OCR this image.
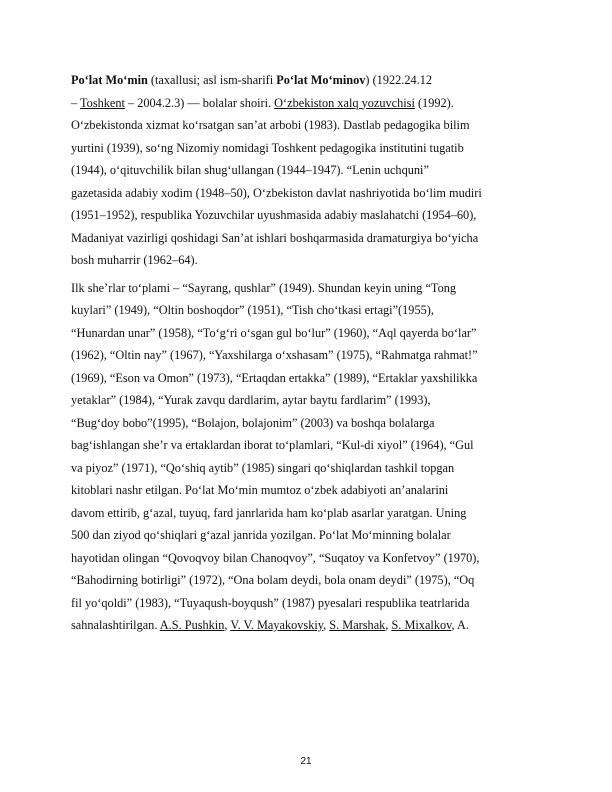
Poʻlat Moʻmin (taxallusi; asl ism-sharifi Poʻlat Moʻminov) (1922.24.12
– Toshkent – 2004.2.3) — bolalar shoiri. Oʻzbekiston xalq yozuvchisi (1992).
Oʻzbekistonda xizmat koʻrsatgan sanʼat arbobi (1983). Dastlab pedagogika bilim
yurtini (1939), soʻng Nizomiy nomidagi Toshkent pedagogika institutini tugatib
(1944), oʻqituvchilik bilan shugʻullangan (1944–1947). “Lenin uchquni”
gazetasida adabiy xodim (1948–50), Oʻzbekiston davlat nashriyotida boʻlim mudiri
(1951–1952), respublika Yozuvchilar uyushmasida adabiy maslahatchi (1954–60),
Madaniyat vazirligi qoshidagi Sanʼat ishlari boshqarmasida dramaturgiya boʻyicha
bosh muharrir (1962–64).
Ilk sheʼrlar toʻplami – “Sayrang, qushlar” (1949). Shundan keyin uning “Tong
kuylari” (1949), “Oltin boshoqdor” (1951), “Tish choʻtkasi ertagi”(1955),
“Hunardan unar” (1958), “Toʻgʻri oʻsgan gul boʻlur” (1960), “Aql qayerda boʻlar”
(1962), “Oltin nay” (1967), “Yaxshilarga oʻxshasam” (1975), “Rahmatga rahmat!”
(1969), “Eson va Omon” (1973), “Ertaqdan ertakka” (1989), “Ertaklar yaxshilikka
yetaklar” (1984), “Yurak zavqu dardlarim, aytar baytu fardlarim” (1993),
“Bugʻdoy bobo”(1995), “Bolajon, bolajonim” (2003) va boshqa bolalarga
bagʻishlangan sheʼr va ertaklardan iborat toʻplamlari, “Kul-di xiyol” (1964), “Gul
va piyoz” (1971), “Qoʻshiq aytib” (1985) singari qoʻshiqlardan tashkil topgan
kitoblari nashr etilgan. Poʻlat Moʻmin mumtoz oʻzbek adabiyoti anʼanalarini
davom ettirib, gʻazal, tuyuq, fard janrlarida ham koʻplab asarlar yaratgan. Uning
500 dan ziyod qoʻshiqlari gʻazal janrida yozilgan. Poʻlat Moʻminning bolalar
hayotidan olingan “Qovoqvoy bilan Chanoqvoy”, “Suqatoy va Konfetvoy” (1970),
“Bahodirning botirligi” (1972), “Ona bolam deydi, bola onam deydi” (1975), “Oq
fil yoʻqoldi” (1983), “Tuyaqush-boyqush” (1987) pyesalari respublika teatrlarida
sahnalashtirilgan. A.S. Pushkin, V. V. Mayakovskiy, S. Marshak, S. Mixalkov, A.
21
